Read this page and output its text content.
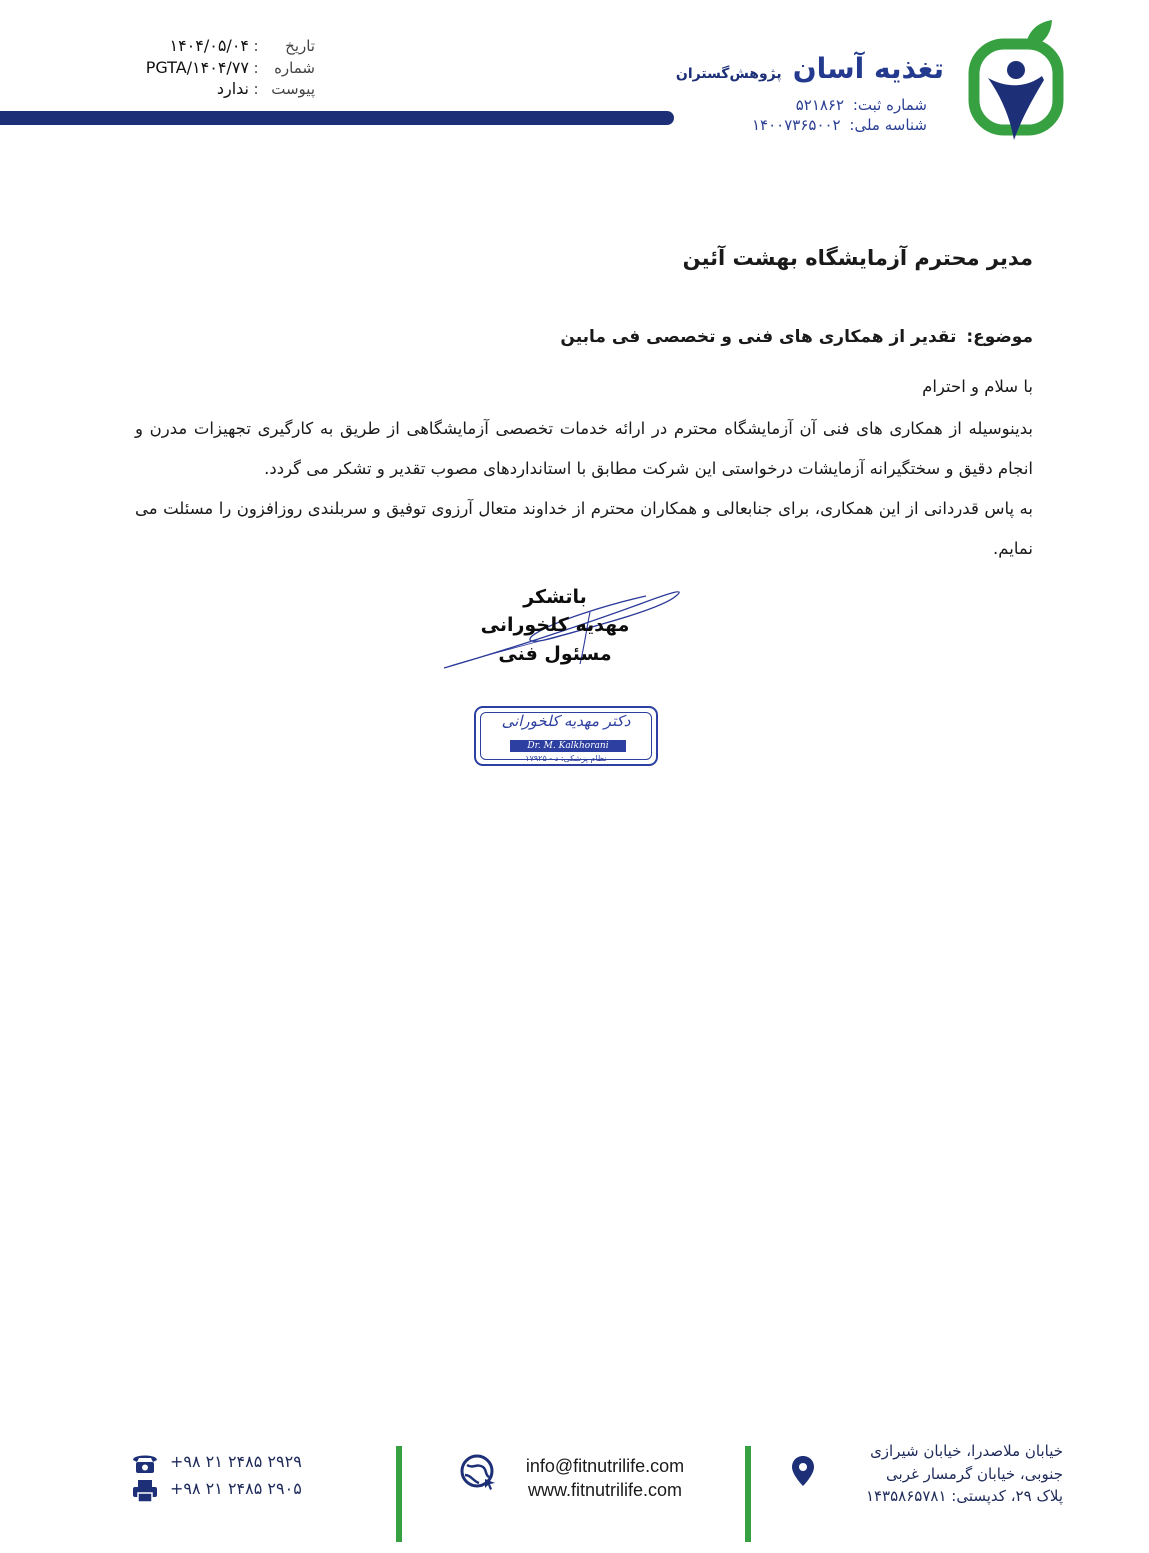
تغذیه آسان پژوهش‌گستران
شماره ثبت: ۵۲۱۸۶۲
شناسه ملی: ۱۴۰۰۷۳۶۵۰۰۲
تاریخ
:
۱۴۰۴/۰۵/۰۴
شماره
:
PGTA/۱۴۰۴/۷۷
پیوست
:
ندارد
مدیر محترم آزمایشگاه بهشت آئین
موضوع: تقدیر از همکاری های فنی و تخصصی فی مابین
با سلام و احترام
بدینوسیله از همکاری های فنی آن آزمایشگاه محترم در ارائه خدمات تخصصی آزمایشگاهی از طریق به کارگیری تجهیزات مدرن و انجام دقیق و سختگیرانه آزمایشات درخواستی این شرکت مطابق با استانداردهای مصوب تقدیر و تشکر می گردد.
به پاس قدردانی از این همکاری، برای جنابعالی و همکاران محترم از خداوند متعال آرزوی توفیق و سربلندی روزافزون را مسئلت می نمایم.
باتشکر
مهدیه کلخورانی
مسئول فنی
دکتر مهدیه کلخورانی
Dr. M. Kalkhorani
نظام پزشکی: د - ۱۷۹۲۵
+۹۸ ۲۱ ۲۴۸۵ ۲۹۲۹
+۹۸ ۲۱ ۲۴۸۵ ۲۹۰۵
info@fitnutrilife.com
www.fitnutrilife.com
خیابان ملاصدرا، خیابان شیرازی
جنوبی، خیابان گرمسار غربی
پلاک ۲۹، کدپستی: ۱۴۳۵۸۶۵۷۸۱
